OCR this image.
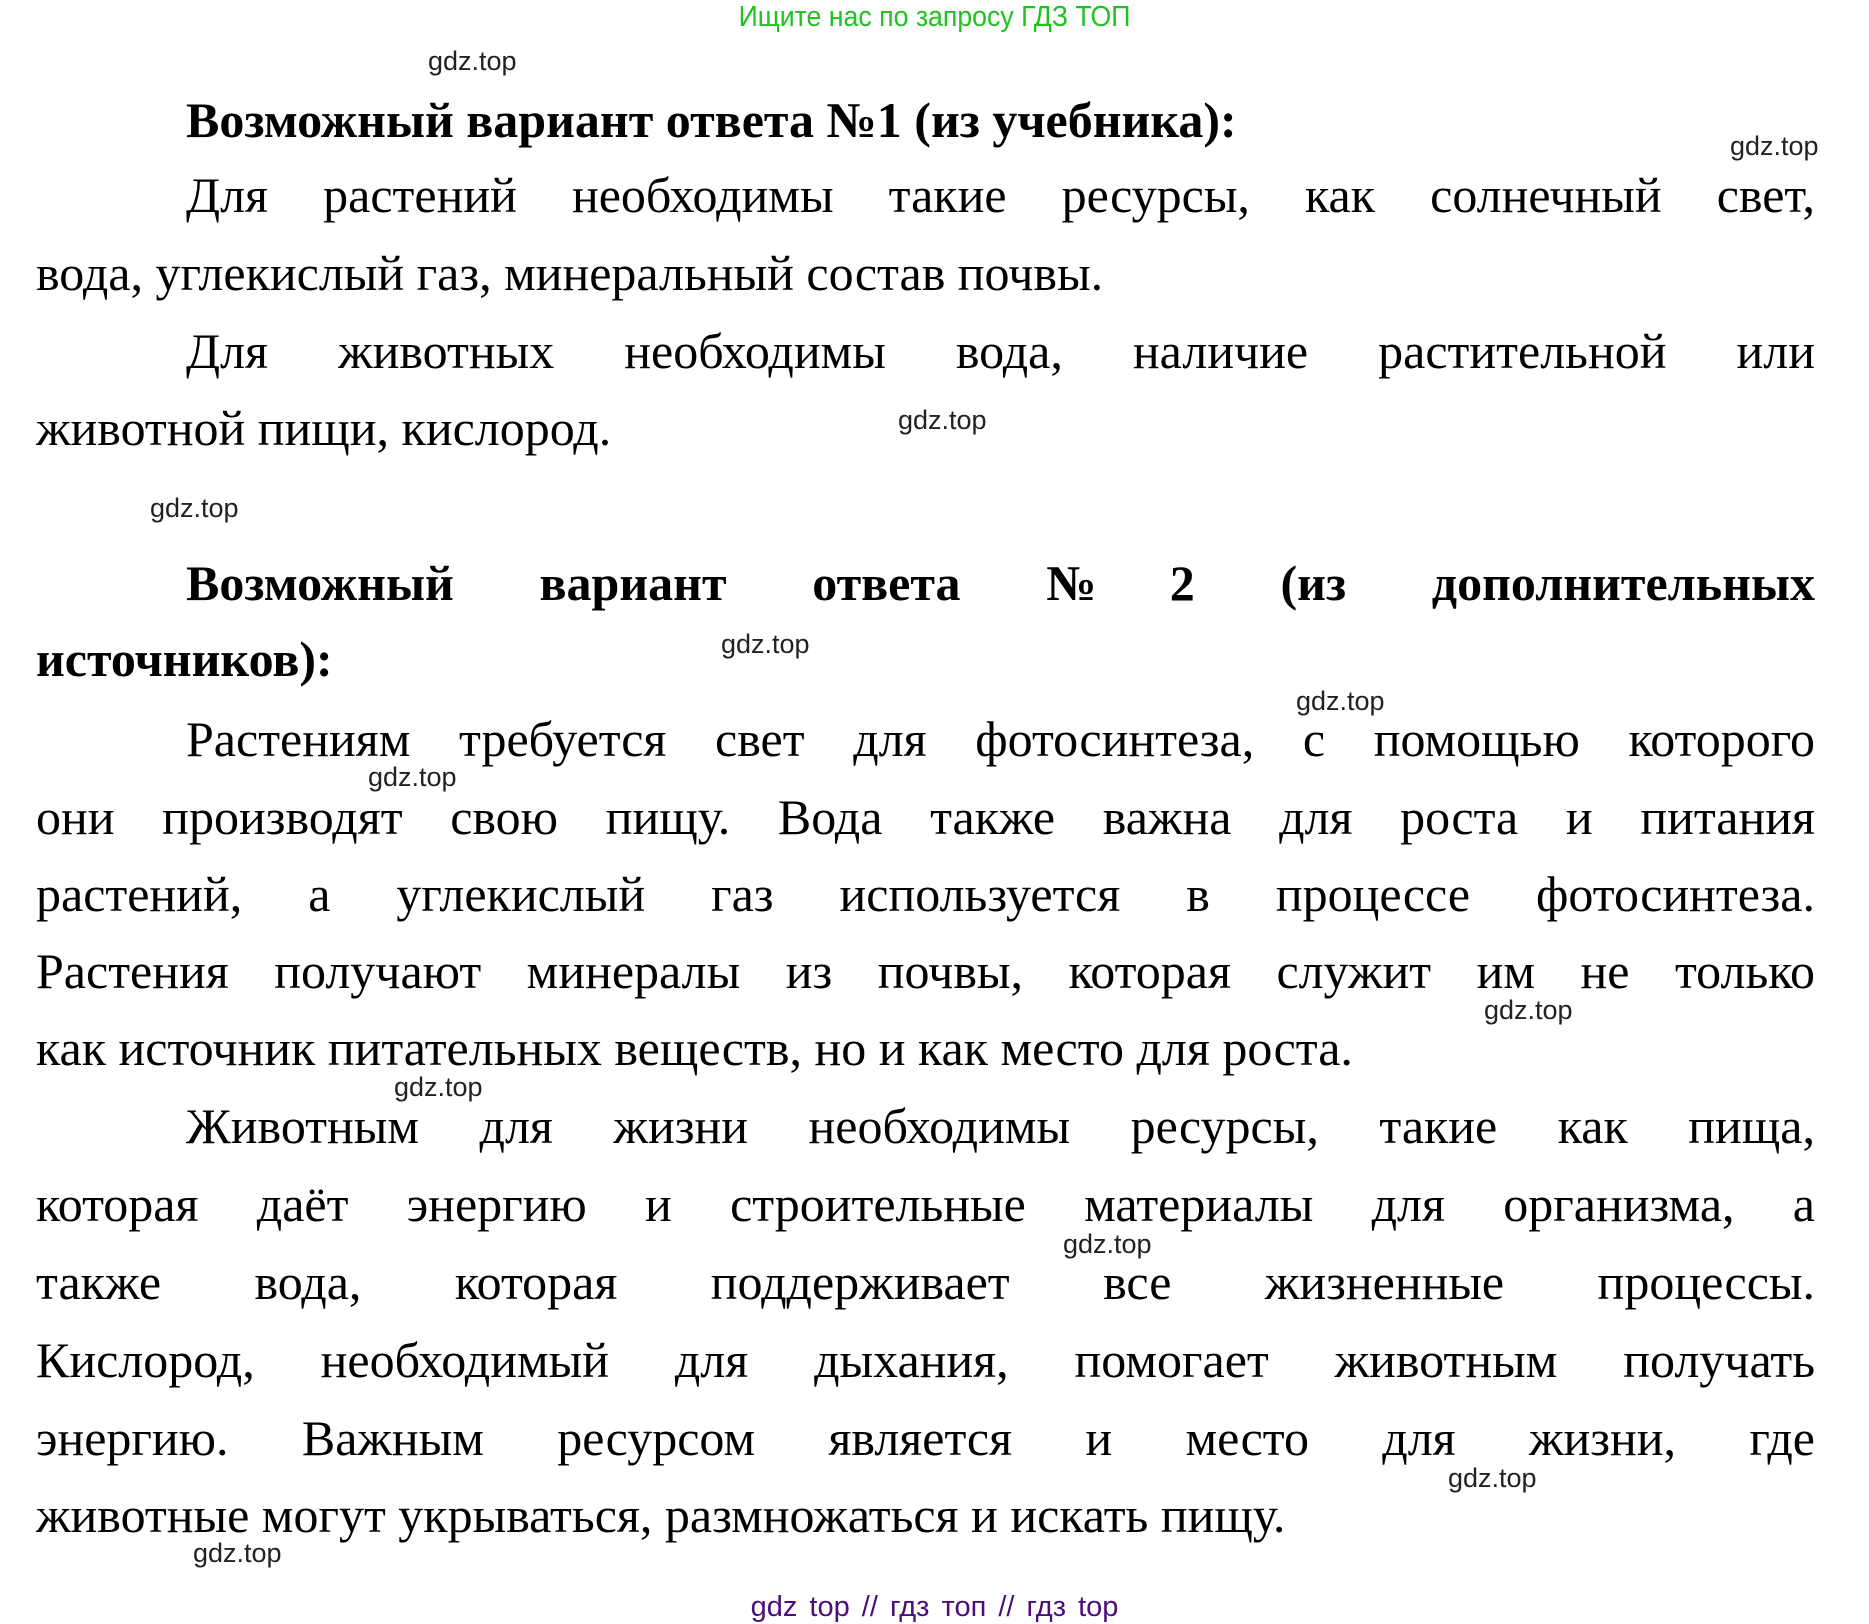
Ищите нас по запросу ГДЗ ТОП
gdz.top
gdz.top
gdz.top
gdz.top
gdz.top
gdz.top
gdz.top
gdz.top
gdz.top
gdz.top
gdz.top
gdz.top
Возможный вариант ответа №1 (из учебника):
Для растений необходимы такие ресурсы, как солнечный свет,
вода, углекислый газ, минеральный состав почвы.
Для животных необходимы вода, наличие растительной или
животной пищи, кислород.
Возможный вариант ответа №2 (из дополнительных
источников):
Растениям требуется свет для фотосинтеза, с помощью которого
они производят свою пищу. Вода также важна для роста и питания
растений, а углекислый газ используется в процессе фотосинтеза.
Растения получают минералы из почвы, которая служит им не только
как источник питательных веществ, но и как место для роста.
Животным для жизни необходимы ресурсы, такие как пища,
которая даёт энергию и строительные материалы для организма, а
также вода, которая поддерживает все жизненные процессы.
Кислород, необходимый для дыхания, помогает животным получать
энергию. Важным ресурсом является и место для жизни, где
животные могут укрываться, размножаться и искать пищу.
gdz top // гдз топ // гдз top
